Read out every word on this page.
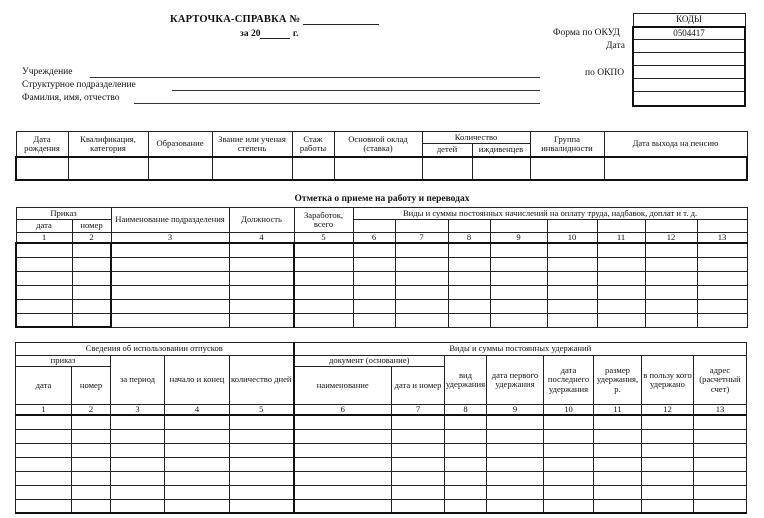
КАРТОЧКА-СПРАВКА №
за 20	г.
Учреждение
Структурное подразделение
Фамилия, имя, отчество
Форма по ОКУД
Дата
по ОКПО
КОДЫ
0504417

Дата рождения	Квалификация, категория	Образование	Звание или ученая степень	Стаж работы	Основной оклад (ставка)	Количество		Группа инвалидности	Дата выхода на пенсию
						детей	иждивенцев		

Отметка о приеме на работу и переводах
Приказ		Наименование подразделения	Должность	Заработок, всего	Виды и суммы постоянных начислений на оплату труда, надбавок, доплат и т. д.							
дата	номер											
1	2	3	4	5	6	7	8	9	10	11	12	13

Сведения об использовании отпусков					Виды и суммы постоянных удержаний							
приказ		за период	начало и конец	количество дней	документ (основание)		вид удержания	дата первого удержания	дата последнего удержания	размер удержания, р.	в пользу кого удержано	адрес (расчетный счет)
дата	номер				наименование	дата и номер						
1	2	3	4	5	6	7	8	9	10	11	12	13
